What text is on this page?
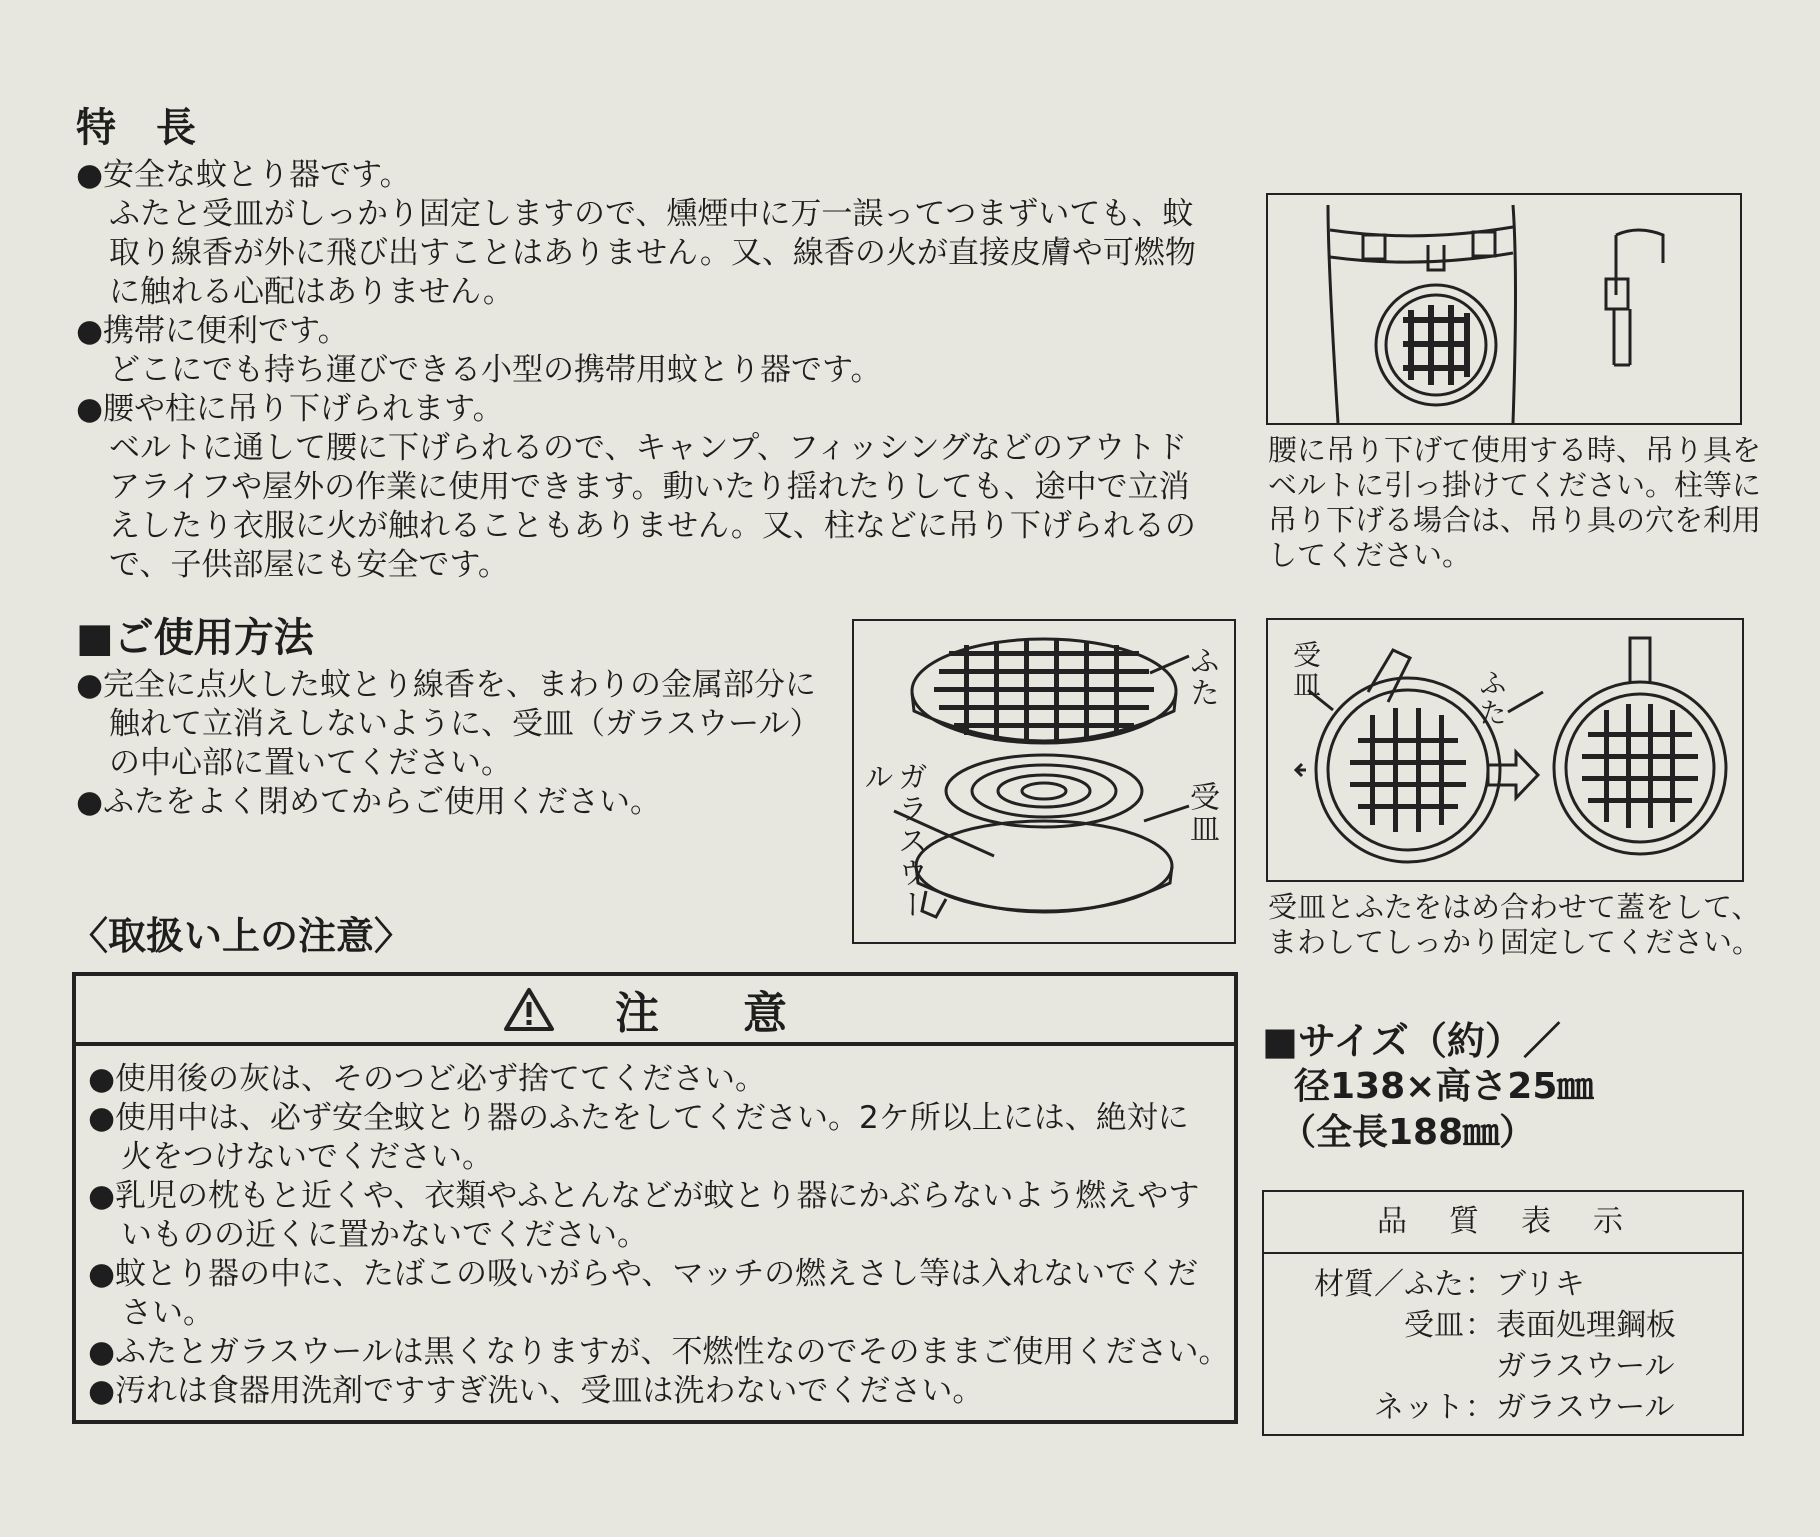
特　長

●安全な蚊とり器です。

ふたと受皿がしっかり固定しますので、燻煙中に万一誤ってつまずいても、蚊

取り線香が外に飛び出すことはありません。又、線香の火が直接皮膚や可燃物

に触れる心配はありません。

●携帯に便利です。

どこにでも持ち運びできる小型の携帯用蚊とり器です。

●腰や柱に吊り下げられます。

ベルトに通して腰に下げられるので、キャンプ、フィッシングなどのアウトド

アライフや屋外の作業に使用できます。動いたり揺れたりしても、途中で立消

えしたり衣服に火が触れることもありません。又、柱などに吊り下げられるの

で、子供部屋にも安全です。

腰に吊り下げて使用する時、吊り具を

ベルトに引っ掛けてください。柱等に

吊り下げる場合は、吊り具の穴を利用

してください。

■ご使用方法

●完全に点火した蚊とり線香を、まわりの金属部分に

触れて立消えしないように、受皿（ガラスウール）

の中心部に置いてください。

●ふたをよく閉めてからご使用ください。

ふた
受皿
ガラスウール
受皿	ふた

受皿とふたをはめ合わせて蓋をして、

まわしてしっかり固定してください。

〈取扱い上の注意〉
注　意

●使用後の灰は、そのつど必ず捨ててください。

●使用中は、必ず安全蚊とり器のふたをしてください。2ケ所以上には、絶対に

火をつけないでください。

●乳児の枕もと近くや、衣類やふとんなどが蚊とり器にかぶらないよう燃えやす

いものの近くに置かないでください。

●蚊とり器の中に、たばこの吸いがらや、マッチの燃えさし等は入れないでくだ

さい。

●ふたとガラスウールは黒くなりますが、不燃性なのでそのままご使用ください。

●汚れは食器用洗剤ですすぎ洗い、受皿は洗わないでください。

■サイズ（約）／
径138×高さ25㎜
（全長188㎜）
品　質　表　示
材質／ふた ： ブリキ
受皿 ： 表面処理鋼板
ガラスウール
ネット ： ガラスウール
